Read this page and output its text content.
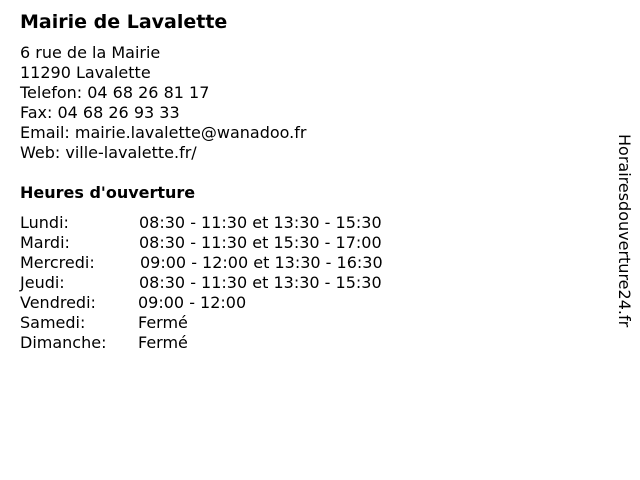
Mairie de Lavalette
6 rue de la Mairie
11290 Lavalette
Telefon: 04 68 26 81 17
Fax: 04 68 26 93 33
Email: mairie.lavalette@wanadoo.fr
Web: ville-lavalette.fr/
Heures d'ouverture
Lundi:	08:30 - 11:30 et 13:30 - 15:30
Mardi:	08:30 - 11:30 et 15:30 - 17:00
Mercredi:	09:00 - 12:00 et 13:30 - 16:30
Jeudi:	08:30 - 11:30 et 13:30 - 15:30
Vendredi:	09:00 - 12:00
Samedi:	Fermé
Dimanche: Fermé
Horairesdouverture24.fr
